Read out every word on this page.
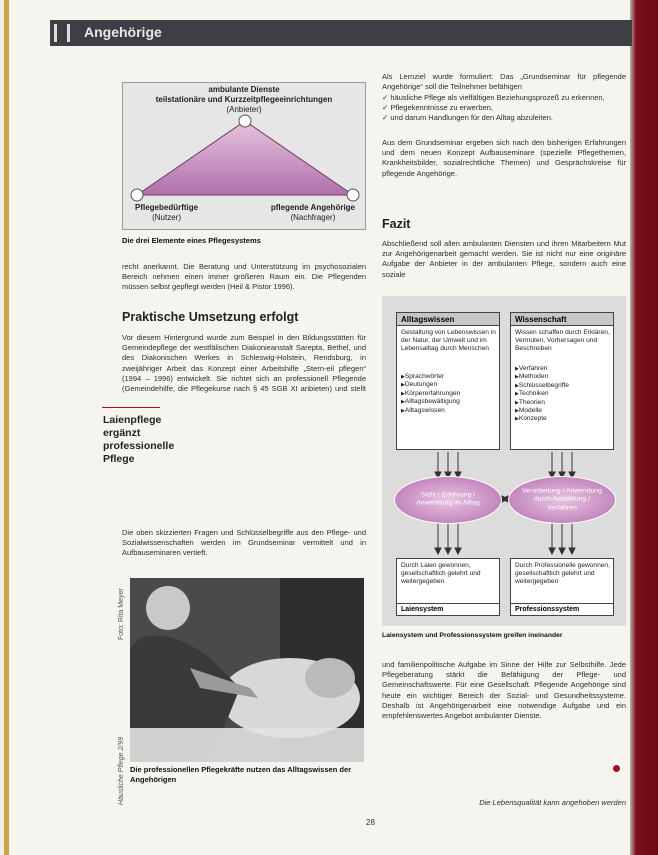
Angehörige
ambulante Dienste
teilstationäre und Kurzzeitpflegeeinrichtungen
(Anbieter)
Pflegebedürftige
(Nutzer)
pflegende Angehörige
(Nachfrager)
Die drei Elemente eines Pflegesystems
recht anerkannt. Die Beratung und Unterstützung im psychosozialen Bereich nehmen einen immer größeren Raum ein. Die Pflegenden müssen selbst gepflegt werden (Heil & Pistor 1996).
Praktische Umsetzung erfolgt
Vor diesem Hintergrund wurde zum Beispiel in den Bildungsstätten für Gemeindepflege der westfälischen Diakonieanstalt Sarepta, Bethel, und des Diakonischen Werkes in Schleswig-Holstein, Rendsburg, in zweijähriger Arbeit das Konzept einer Arbeitshilfe „Stern-eil pflegen“ (1994 – 1996) entwickelt. Sie richtet sich an professionell Pflegende (Gemeindehilfe, die Pflegekurse nach § 45 SGB XI anbieten) und stellt
Laienpflege ergänzt professionelle Pflege
Die oben skizzierten Fragen und Schlüsselbegriffe aus den Pflege- und Sozialwissenschaften werden im Grundseminar vermittelt und in Aufbauseminaren vertieft.
Die professionellen Pflegekräfte nutzen das Alltagswissen der Angehörigen
Foto: Rita Meyer
Häusliche Pflege 2/99
Als Lernziel wurde formuliert: Das „Grundseminar für pflegende Angehörige“ soll die Teilnehmer befähigen
✓ häusliche Pflege als vielfältigen Beziehungsprozeß zu erkennen,
✓ Pflegekenntnisse zu erwerben,
✓ und darum Handlungen für den Alltag abzuleiten.
Aus dem Grundseminar ergeben sich nach den bisherigen Erfahrungen und dem neuen Konzept Aufbauseminare (spezielle Pflegethemen, Krankheitsbilder, sozialrechtliche Themen) und Gesprächskreise für pflegende Angehörige.
Fazit
Abschließend soll allen ambulanten Diensten und ihren Mitarbeitern Mut zur Angehörigenarbeit gemacht werden. Sie ist nicht nur eine originäre Aufgabe der Anbieter in der ambulanten Pflege, sondern auch eine soziale
Alltagswissen
Gestaltung von Lebenswissen in der Natur, der Umwelt und im Lebensalltag durch Menschen
▶ Sprachwörter
▶ Deutungen
▶ Körpererfahrungen
▶ Alltagsbewältigung
▶ Alltagswissen
Wissenschaft
Wissen schaffen durch Erklären, Vermuten, Vorhersagen und Beschreiben
▶ Verfahren
▶ Methoden
▶ Schlüsselbegriffe
▶ Techniken
▶ Theorien
▶ Modelle
▶ Konzepte
Sicht / Erfahrung / Anwendung im Alltag
Verarbeitung / Anwendung durch Ausbildung / Verfahren
Durch Laien gewonnen, gesellschaftlich gelehrt und weitergegeben
Laiensystem
Durch Professionelle gewonnen, gesellschaftlich gelehrt und weitergegeben
Professionssystem
Laiensystem und Professionssystem greifen ineinander
und familienpolitische Aufgabe im Sinne der Hilfe zur Selbsthilfe. Jede Pflegeberatung stärkt die Befähigung der Pflege- und Gemeinschaftswerte. Für eine Gesellschaft. Pflegende Angehörige sind heute ein wichtiger Bereich der Sozial- und Gesundheitssysteme. Deshalb ist Angehörigenarbeit eine notwendige Aufgabe und ein empfehlenswertes Angebot ambulanter Dienste.
Die Lebensqualität kann angehoben werden
28
